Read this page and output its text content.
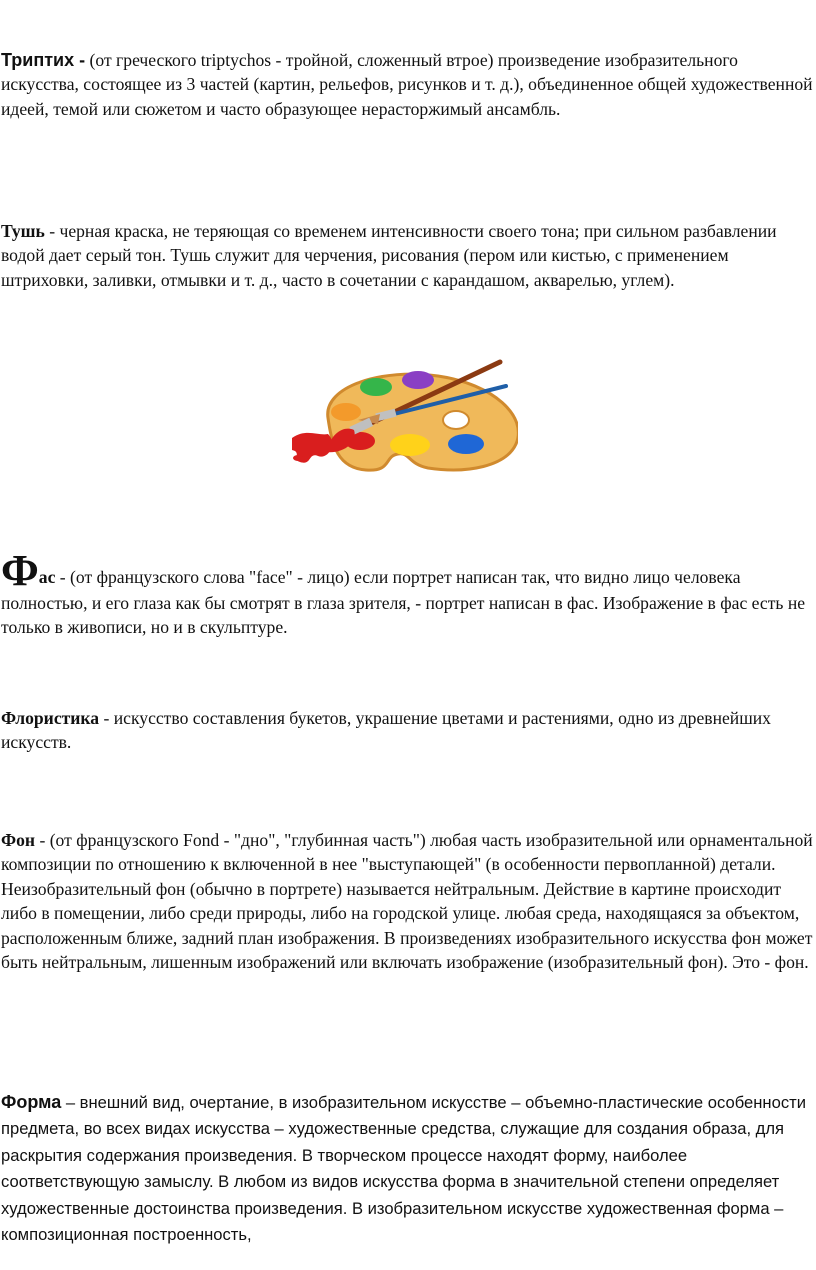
Триптих - (от греческого triptychos - тройной, сложенный втрое) произведение изобразительного искусства, состоящее из 3 частей (картин, рельефов, рисунков и т. д.), объединенное общей художественной идеей, темой или сюжетом и часто образующее нерасторжимый ансамбль.

Тушь - черная краска, не теряющая со временем интенсивности своего тона; при сильном разбавлении водой дает серый тон. Тушь служит для черчения, рисования (пером или кистью, с применением штриховки, заливки, отмывки и т. д., часто в сочетании с карандашом, акварелью, углем).

Фас - (от французского слова "face" - лицо) если портрет написан так, что видно лицо человека полностью, и его глаза как бы смотрят в глаза зрителя, - портрет написан в фас. Изображение в фас есть не только в живописи, но и в скульптуре.

Флористика - искусство составления букетов, украшение цветами и растениями, одно из древнейших искусств.

Фон - (от французского Fond - "дно", "глубинная часть") любая часть изобразительной или орнаментальной композиции по отношению к включенной в нее "выступающей" (в особенности первопланной) детали. Неизобразительный фон (обычно в портрете) называется нейтральным. Действие в картине происходит либо в помещении, либо среди природы, либо на городской улице. любая среда, находящаяся за объектом, расположенным ближе, задний план изображения. В произведениях изобразительного искусства фон может быть нейтральным, лишенным изображений или включать изображение (изобразительный фон). Это - фон.

Форма – внешний вид, очертание, в изобразительном искусстве – объемно-пластические особенности предмета, во всех видах искусства – художественные средства, служащие для создания образа, для раскрытия содержания произведения. В творческом процессе находят форму, наиболее соответствующую замыслу. В любом из видов искусства форма в значительной степени определяет художественные достоинства произведения. В изобразительном искусстве художественная форма – композиционная построенность,
